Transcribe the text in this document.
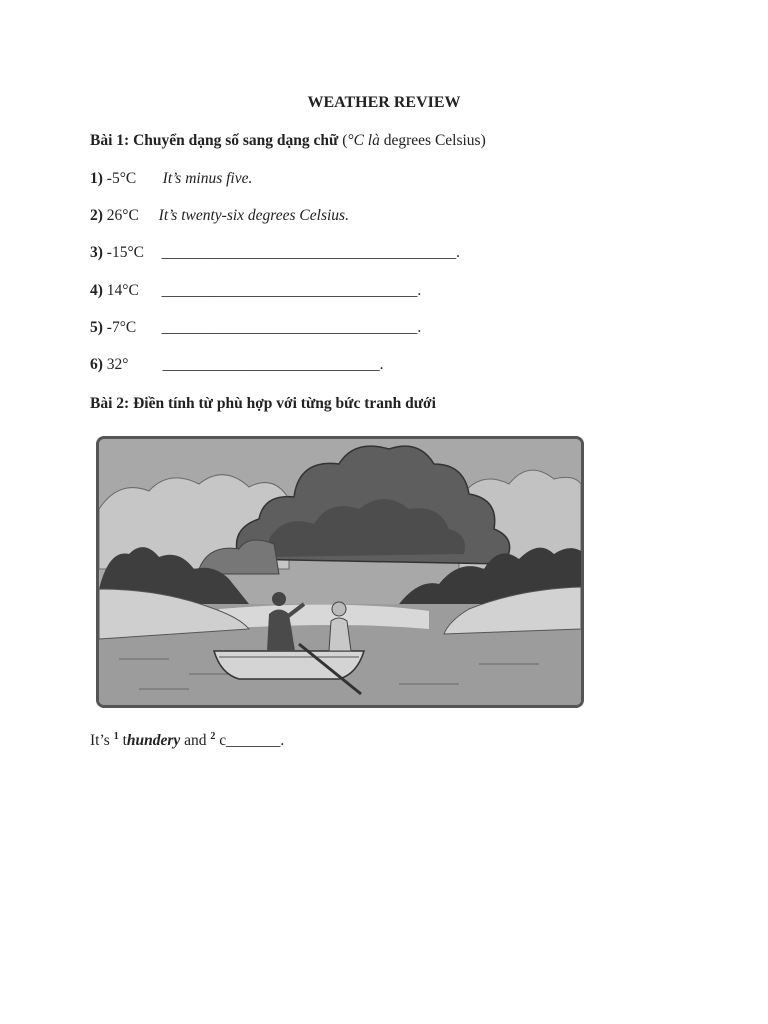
WEATHER REVIEW
Bài 1: Chuyển dạng số sang dạng chữ (°C là degrees Celsius)
1) -5°C It’s minus five.
2) 26°C It’s twenty-six degrees Celsius.
3) -15°C ______________________________________.
4) 14°C _________________________________.
5) -7°C _________________________________.
6) 32° ____________________________.
Bài 2: Điền tính từ phù hợp với từng bức tranh dưới
It’s $^1$ thundery and $^2$ c_______.
